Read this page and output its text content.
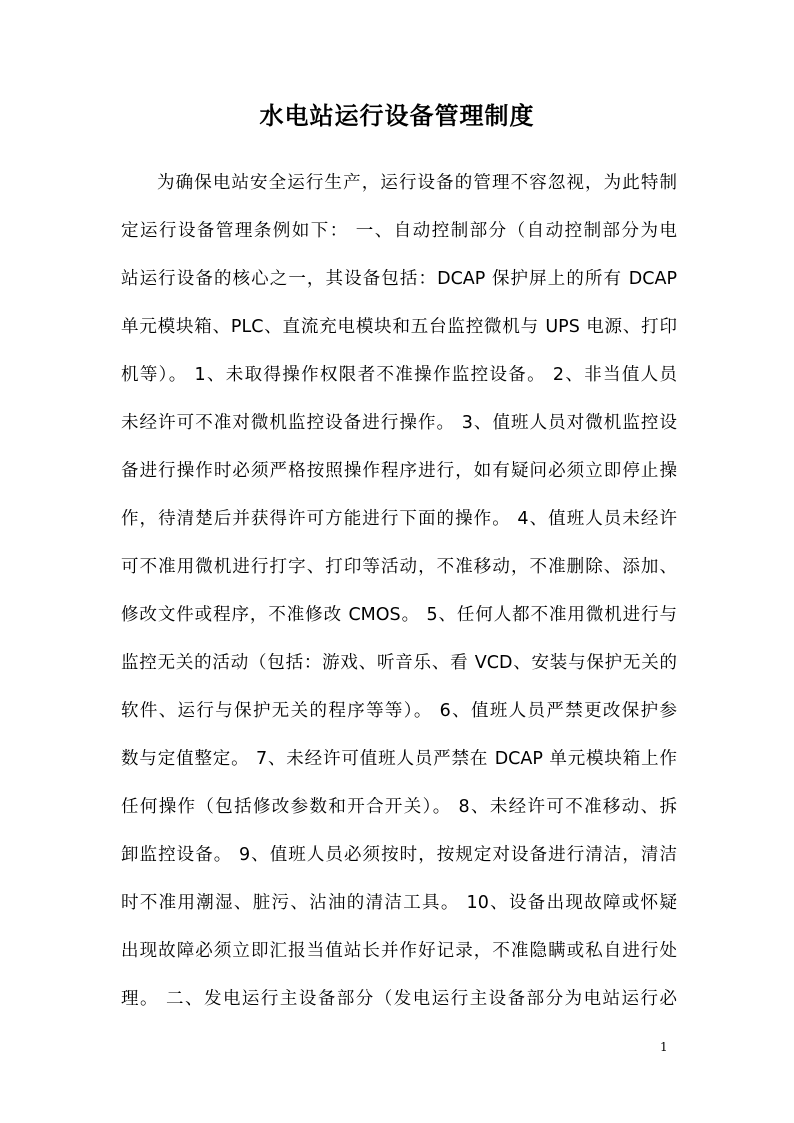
水电站运行设备管理制度
为确保电站安全运行生产，运行设备的管理不容忽视，为此特制
定运行设备管理条例如下： 一、自动控制部分（自动控制部分为电
站运行设备的核心之一，其设备包括：DCAP 保护屏上的所有 DCAP
单元模块箱、PLC、直流充电模块和五台监控微机与 UPS 电源、打印
机等）。 1、未取得操作权限者不准操作监控设备。 2、非当值人员
未经许可不准对微机监控设备进行操作。 3、值班人员对微机监控设
备进行操作时必须严格按照操作程序进行，如有疑问必须立即停止操
作，待清楚后并获得许可方能进行下面的操作。 4、值班人员未经许
可不准用微机进行打字、打印等活动，不准移动，不准删除、添加、
修改文件或程序，不准修改 CMOS。 5、任何人都不准用微机进行与
监控无关的活动（包括：游戏、听音乐、看 VCD、安装与保护无关的
软件、运行与保护无关的程序等等）。 6、值班人员严禁更改保护参
数与定值整定。 7、未经许可值班人员严禁在 DCAP 单元模块箱上作
任何操作（包括修改参数和开合开关）。 8、未经许可不准移动、拆
卸监控设备。 9、值班人员必须按时，按规定对设备进行清洁，清洁
时不准用潮湿、脏污、沾油的清洁工具。 10、设备出现故障或怀疑
出现故障必须立即汇报当值站长并作好记录，不准隐瞒或私自进行处
理。 二、发电运行主设备部分（发电运行主设备部分为电站运行必
1
